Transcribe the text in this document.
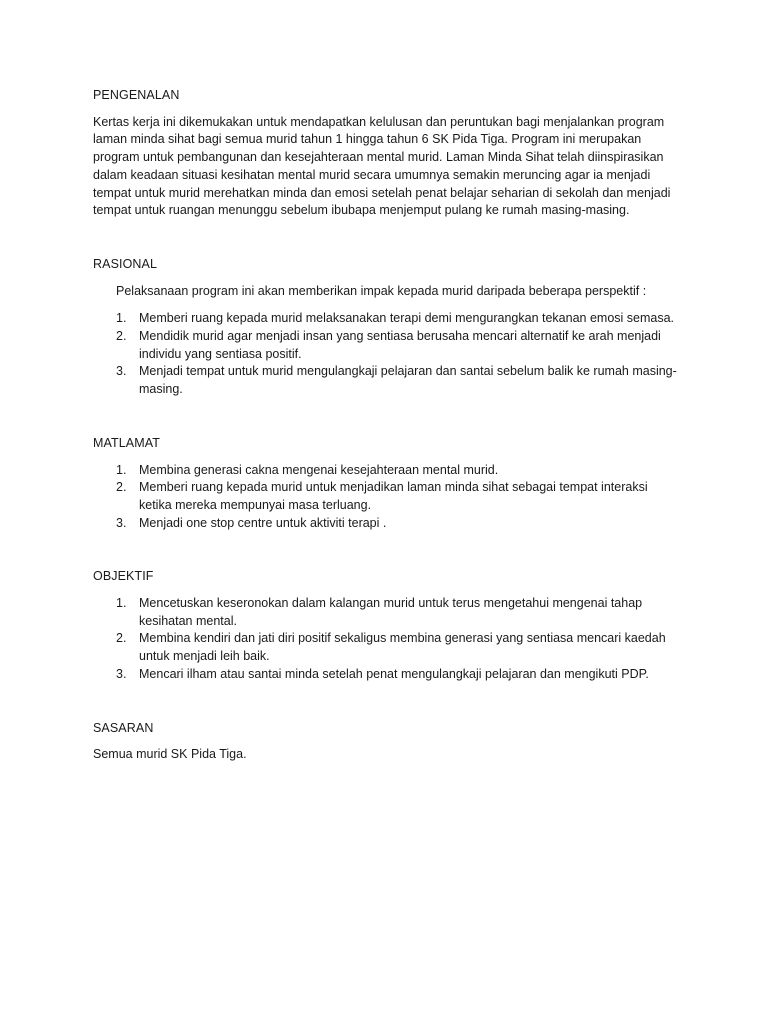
PENGENALAN

Kertas kerja ini dikemukakan untuk mendapatkan kelulusan dan peruntukan bagi menjalankan program laman minda sihat bagi semua murid tahun 1 hingga tahun 6 SK Pida Tiga. Program ini merupakan program untuk pembangunan dan kesejahteraan mental murid. Laman Minda Sihat telah diinspirasikan dalam keadaan situasi kesihatan mental murid secara umumnya semakin meruncing agar ia menjadi tempat untuk murid merehatkan minda dan emosi setelah penat belajar seharian di sekolah dan menjadi tempat untuk ruangan menunggu sebelum ibubapa menjemput pulang ke rumah masing-masing.

RASIONAL

Pelaksanaan program ini akan memberikan impak kepada murid daripada beberapa perspektif :

1. Memberi ruang kepada murid melaksanakan terapi demi mengurangkan tekanan emosi semasa.
2. Mendidik murid agar menjadi insan yang sentiasa berusaha mencari alternatif ke arah menjadi individu yang sentiasa positif.
3. Menjadi tempat untuk murid mengulangkaji pelajaran dan santai sebelum balik ke rumah masing-masing.
MATLAMAT
1. Membina generasi cakna mengenai kesejahteraan mental murid.
2. Memberi ruang kepada murid untuk menjadikan laman minda sihat sebagai tempat interaksi ketika mereka mempunyai masa terluang.
3. Menjadi one stop centre untuk aktiviti terapi .
OBJEKTIF
1. Mencetuskan keseronokan dalam kalangan murid untuk terus mengetahui mengenai tahap kesihatan mental.
2. Membina kendiri dan jati diri positif sekaligus membina generasi yang sentiasa mencari kaedah untuk menjadi leih baik.
3. Mencari ilham atau santai minda setelah penat mengulangkaji pelajaran dan mengikuti PDP.
SASARAN

Semua murid SK Pida Tiga.
